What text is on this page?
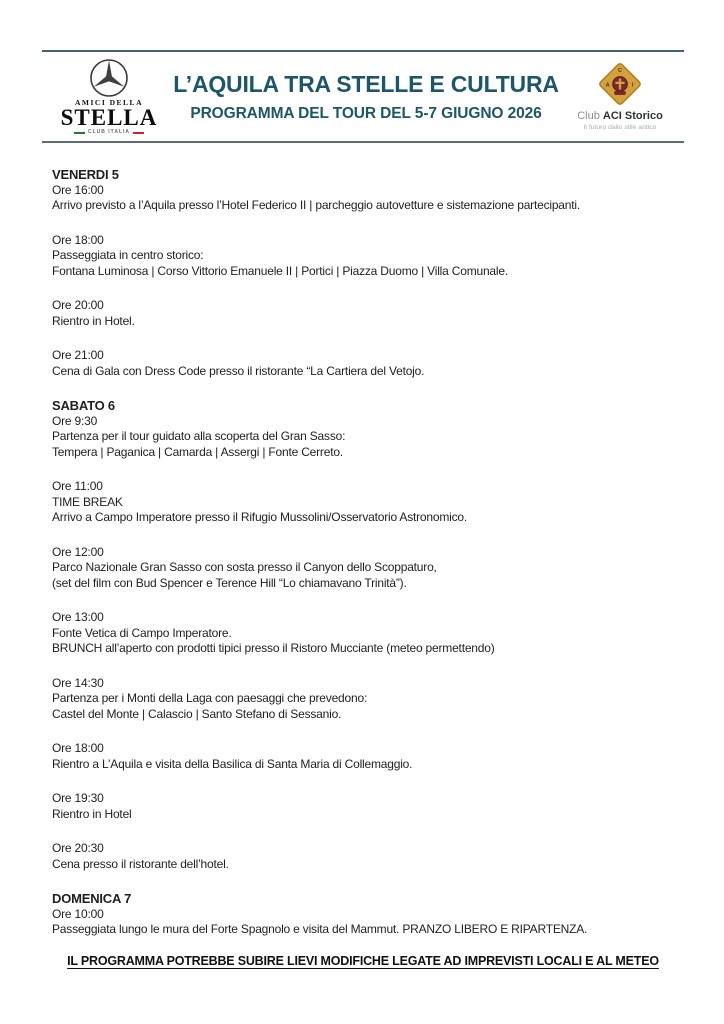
AMICI DELLA
STELLA
CLUB ITALIA
L’AQUILA TRA STELLE E CULTURA
PROGRAMMA DEL TOUR DEL 5-7 GIUGNO 2026
C
A I
Club ACI Storico
Il futuro dallo stile antico
VENERDI 5
Ore 16:00
Arrivo previsto a l’Aquila presso l’Hotel Federico II | parcheggio autovetture e sistemazione partecipanti.
Ore 18:00
Passeggiata in centro storico:
Fontana Luminosa | Corso Vittorio Emanuele II | Portici | Piazza Duomo | Villa Comunale.
Ore 20:00
Rientro in Hotel.
Ore 21:00
Cena di Gala con Dress Code presso il ristorante “La Cartiera del Vetojo.
SABATO 6
Ore 9:30
Partenza per il tour guidato alla scoperta del Gran Sasso:
Tempera | Paganica | Camarda | Assergi | Fonte Cerreto.
Ore 11:00
TIME BREAK
Arrivo a Campo Imperatore presso il Rifugio Mussolini/Osservatorio Astronomico.
Ore 12:00
Parco Nazionale Gran Sasso con sosta presso il Canyon dello Scoppaturo,
(set del film con Bud Spencer e Terence Hill “Lo chiamavano Trinità”).
Ore 13:00
Fonte Vetica di Campo Imperatore.
BRUNCH all’aperto con prodotti tipici presso il Ristoro Mucciante (meteo permettendo)
Ore 14:30
Partenza per i Monti della Laga con paesaggi che prevedono:
Castel del Monte | Calascio | Santo Stefano di Sessanio.
Ore 18:00
Rientro a L’Aquila e visita della Basilica di Santa Maria di Collemaggio.
Ore 19:30
Rientro in Hotel
Ore 20:30
Cena presso il ristorante dell’hotel.
DOMENICA 7
Ore 10:00
Passeggiata lungo le mura del Forte Spagnolo e visita del Mammut. PRANZO LIBERO E RIPARTENZA.
IL PROGRAMMA POTREBBE SUBIRE LIEVI MODIFICHE LEGATE AD IMPREVISTI LOCALI E AL METEO
